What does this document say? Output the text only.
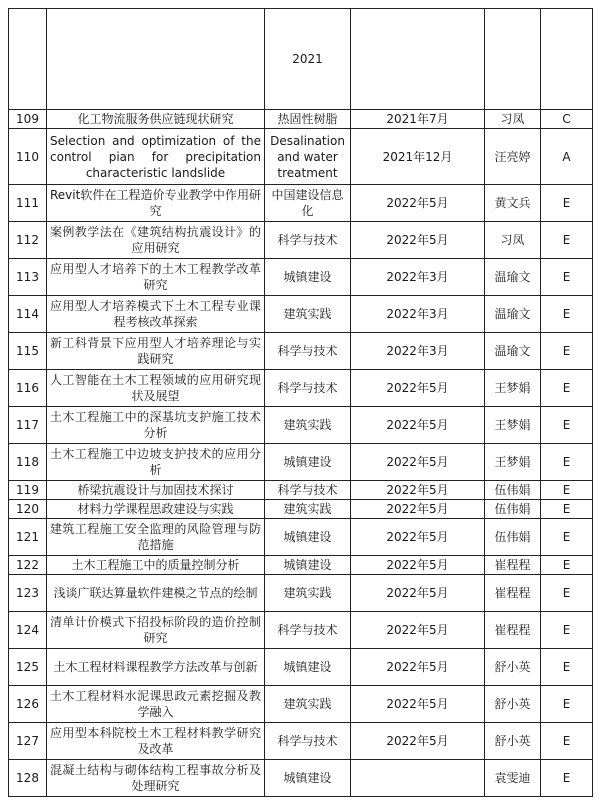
		2021			
109	化工物流服务供应链现状研究	热固性树脂	2021年7月	习凤	C
110	Selection and optimization of the control pian for precipitation characteristic landslide	Desalination and water treatment	2021年12月	汪亮婷	A
111	Revit软件在工程造价专业教学中作用研究	中国建设信息化	2022年5月	黄文兵	E
112	案例教学法在《建筑结构抗震设计》的应用研究	科学与技术	2022年5月	习凤	E
113	应用型人才培养下的土木工程教学改革研究	城镇建设	2022年3月	温瑜文	E
114	应用型人才培养模式下土木工程专业课程考核改革探索	建筑实践	2022年3月	温瑜文	E
115	新工科背景下应用型人才培养理论与实践研究	科学与技术	2022年3月	温瑜文	E
116	人工智能在土木工程领域的应用研究现状及展望	科学与技术	2022年5月	王梦娟	E
117	土木工程施工中的深基坑支护施工技术分析	建筑实践	2022年5月	王梦娟	E
118	土木工程施工中边坡支护技术的应用分析	城镇建设	2022年5月	王梦娟	E
119	桥梁抗震设计与加固技术探讨	科学与技术	2022年5月	伍伟娟	E
120	材料力学课程思政建设与实践	建筑实践	2022年5月	伍伟娟	E
121	建筑工程施工安全监理的风险管理与防范措施	城镇建设	2022年5月	伍伟娟	E
122	土木工程施工中的质量控制分析	城镇建设	2022年5月	崔程程	E
123	浅谈广联达算量软件建模之节点的绘制	建筑实践	2022年5月	崔程程	E
124	清单计价模式下招投标阶段的造价控制研究	科学与技术	2022年5月	崔程程	E
125	土木工程材料课程教学方法改革与创新	城镇建设	2022年5月	舒小英	E
126	土木工程材料水泥课思政元素挖掘及教学融入	建筑实践	2022年5月	舒小英	E
127	应用型本科院校土木工程材料教学研究及改革	科学与技术	2022年5月	舒小英	E
128	混凝土结构与砌体结构工程事故分析及处理研究	城镇建设		袁雯迪	E
